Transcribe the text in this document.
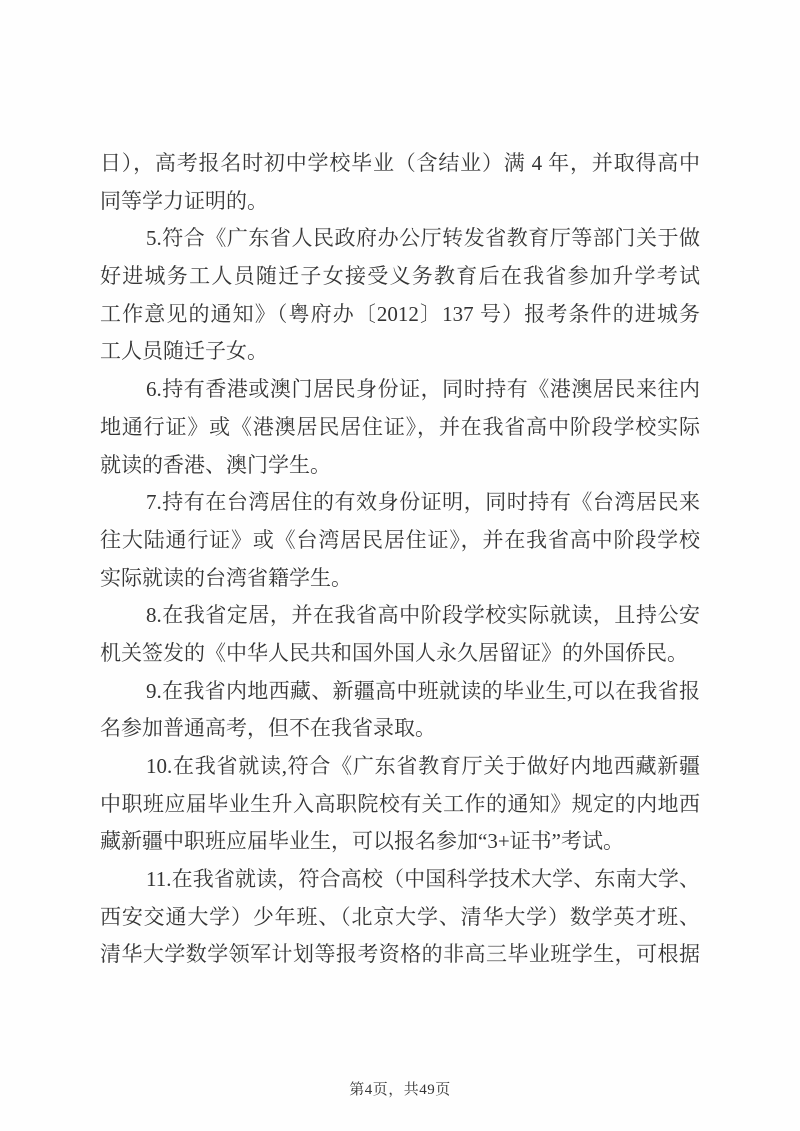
日），高考报名时初中学校毕业（含结业）满 4 年，并取得高中
同等学力证明的。
5.符合《广东省人民政府办公厅转发省教育厅等部门关于做
好进城务工人员随迁子女接受义务教育后在我省参加升学考试
工作意见的通知》（粤府办〔2012〕137 号）报考条件的进城务
工人员随迁子女。
6.持有香港或澳门居民身份证，同时持有《港澳居民来往内
地通行证》或《港澳居民居住证》，并在我省高中阶段学校实际
就读的香港、澳门学生。
7.持有在台湾居住的有效身份证明，同时持有《台湾居民来
往大陆通行证》或《台湾居民居住证》，并在我省高中阶段学校
实际就读的台湾省籍学生。
8.在我省定居，并在我省高中阶段学校实际就读，且持公安
机关签发的《中华人民共和国外国人永久居留证》的外国侨民。
9.在我省内地西藏、新疆高中班就读的毕业生,可以在我省报
名参加普通高考，但不在我省录取。
10.在我省就读,符合《广东省教育厅关于做好内地西藏新疆
中职班应届毕业生升入高职院校有关工作的通知》规定的内地西
藏新疆中职班应届毕业生，可以报名参加“3+证书”考试。
11.在我省就读，符合高校（中国科学技术大学、东南大学、
西安交通大学）少年班、（北京大学、清华大学）数学英才班、
清华大学数学领军计划等报考资格的非高三毕业班学生，可根据
第4页，共49页
